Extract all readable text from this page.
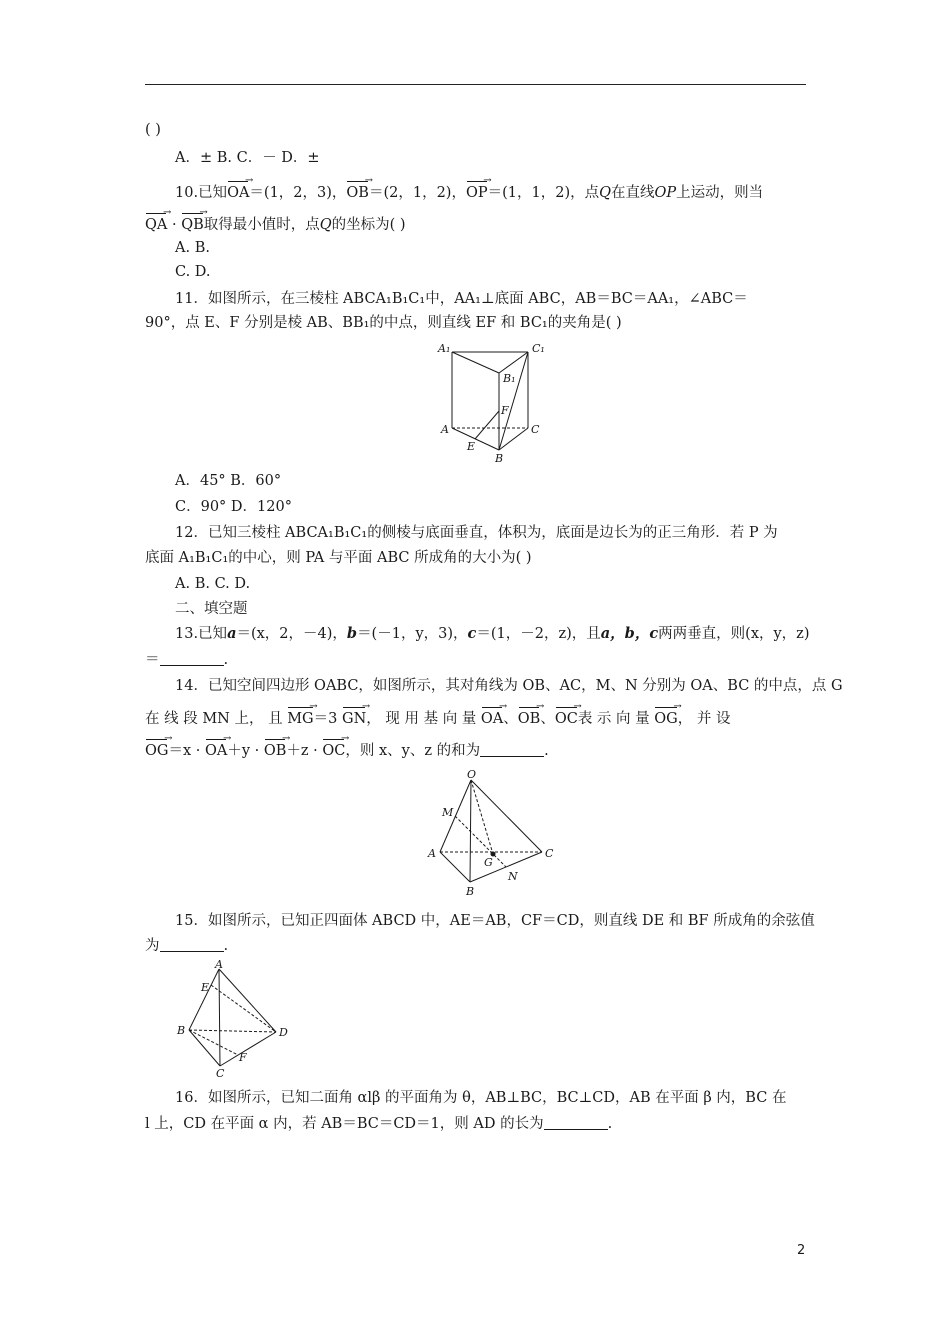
( )
A．± B. C．－ D．±
10.已知OA →＝(1，2，3)，OB →＝(2，1，2)，OP →＝(1，1，2)，点Q在直线OP上运动，则当
QA → · QB →取得最小值时，点Q的坐标为( )
A. B.
C. D.
11．如图所示，在三棱柱 ABCA₁B₁C₁中，AA₁⊥底面 ABC，AB＝BC＝AA₁，∠ABC＝
90°，点 E、F 分别是棱 AB、BB₁的中点，则直线 EF 和 BC₁的夹角是( )
A₁	C₁
B₁
F
A	C
E
B
A．45° B．60°
C．90° D．120°
12．已知三棱柱 ABCA₁B₁C₁的侧棱与底面垂直，体积为，底面是边长为的正三角形．若 P 为
底面 A₁B₁C₁的中心，则 PA 与平面 ABC 所成角的大小为( )
A. B. C. D.
二、填空题
13.已知a＝(x，2，－4)，b＝(－1，y，3)，c＝(1，－2，z)，且a，b，c两两垂直，则(x，y，z)
＝	.
14．已知空间四边形 OABC，如图所示，其对角线为 OB、AC，M、N 分别为 OA、BC 的中点，点 G
在 线 段 MN 上， 且 MG →＝3 GN →， 现 用 基 向 量 OA →、OB →、OC →表 示 向 量 OG →， 并 设
OG →＝x · OA →＋y · OB →＋z · OC →，则 x、y、z 的和为	.
O
M
A
G
C
N
B
15．如图所示，已知正四面体 ABCD 中，AE＝AB，CF＝CD，则直线 DE 和 BF 所成角的余弦值
为	.
A
E
B	D
F
C
16．如图所示，已知二面角 αlβ 的平面角为 θ，AB⊥BC，BC⊥CD，AB 在平面 β 内，BC 在
l 上，CD 在平面 α 内，若 AB＝BC＝CD＝1，则 AD 的长为	.
2
